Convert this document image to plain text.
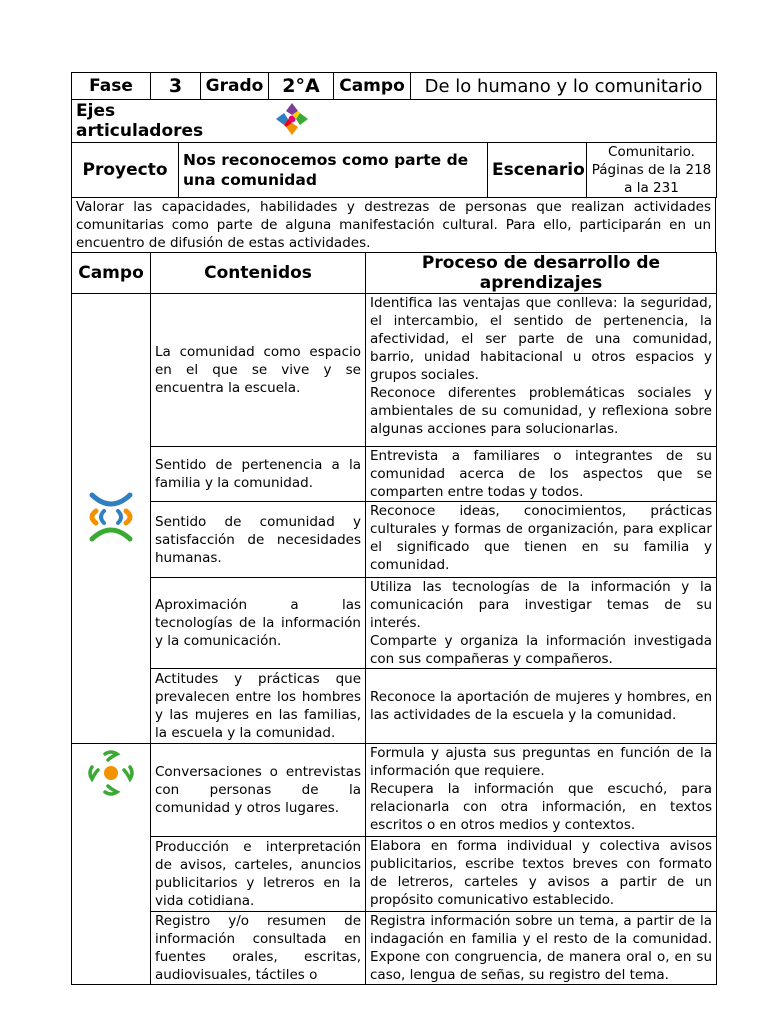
Fase	3	Grado	2°A	Campo	De lo humano y lo comunitario
Ejes articuladores	
Proyecto	Nos reconocemos como parte de una comunidad	Escenario	Comunitario. Páginas de la 218 a la 231
Valorar las capacidades, habilidades y destrezas de personas que realizan actividades comunitarias como parte de alguna manifestación cultural. Para ello, participarán en un encuentro de difusión de estas actividades.
Campo	Contenidos	Proceso de desarrollo de aprendizajes

	La comunidad como espacio en el que se vive y se encuentra la escuela.	Identifica las ventajas que conlleva: la seguridad, el intercambio, el sentido de pertenencia, la afectividad, el ser parte de una comunidad, barrio, unidad habitacional u otros espacios y grupos sociales.
Reconoce diferentes problemáticas sociales y ambientales de su comunidad, y reflexiona sobre algunas acciones para solucionarlas.
	Sentido de pertenencia a la familia y la comunidad.	Entrevista a familiares o integrantes de su comunidad acerca de los aspectos que se comparten entre todas y todos.
	Sentido de comunidad y satisfacción de necesidades humanas.	Reconoce ideas, conocimientos, prácticas culturales y formas de organización, para explicar el significado que tienen en su familia y comunidad.
	Aproximación a las tecnologías de la información y la comunicación.	Utiliza las tecnologías de la información y la comunicación para investigar temas de su interés.
Comparte y organiza la información investigada con sus compañeras y compañeros.
	Actitudes y prácticas que prevalecen entre los hombres y las mujeres en las familias, la escuela y la comunidad.	Reconoce la aportación de mujeres y hombres, en las actividades de la escuela y la comunidad.

	Conversaciones o entrevistas con personas de la comunidad y otros lugares.	Formula y ajusta sus preguntas en función de la información que requiere.
Recupera la información que escuchó, para relacionarla con otra información, en textos escritos o en otros medios y contextos.
	Producción e interpretación de avisos, carteles, anuncios publicitarios y letreros en la vida cotidiana.	Elabora en forma individual y colectiva avisos publicitarios, escribe textos breves con formato de letreros, carteles y avisos a partir de un propósito comunicativo establecido.
	Registro y/o resumen de información consultada en fuentes orales, escritas, audiovisuales, táctiles o	Registra información sobre un tema, a partir de la indagación en familia y el resto de la comunidad. Expone con congruencia, de manera oral o, en su caso, lengua de señas, su registro del tema.
